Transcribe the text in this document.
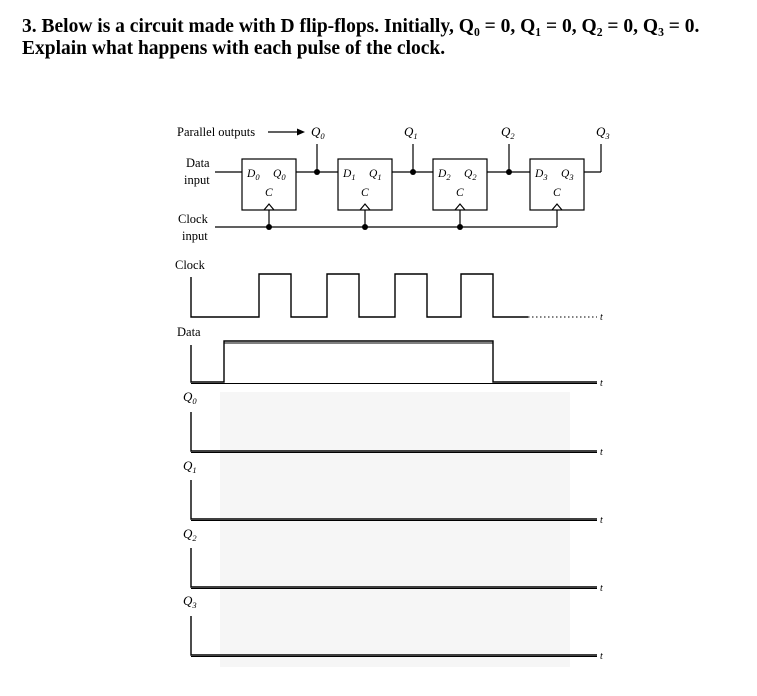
3. Below is a circuit made with D flip-flops. Initially, Q₀ = 0, Q₁ = 0, Q₂ = 0, Q₃ = 0.
Explain what happens with each pulse of the clock.
Parallel outputs	$Q_0$	$Q_1$	$Q_2$	$Q_3$
Data
input
Clock
input
$D_0$ $Q_0$
C
$D_1$ $Q_1$
C
$D_2$ $Q_2$
C
$D_3$ $Q_3$
C
Clock
Data
$Q_0$
$Q_1$
$Q_2$
$Q_3$
t
t
t
t
t
t
